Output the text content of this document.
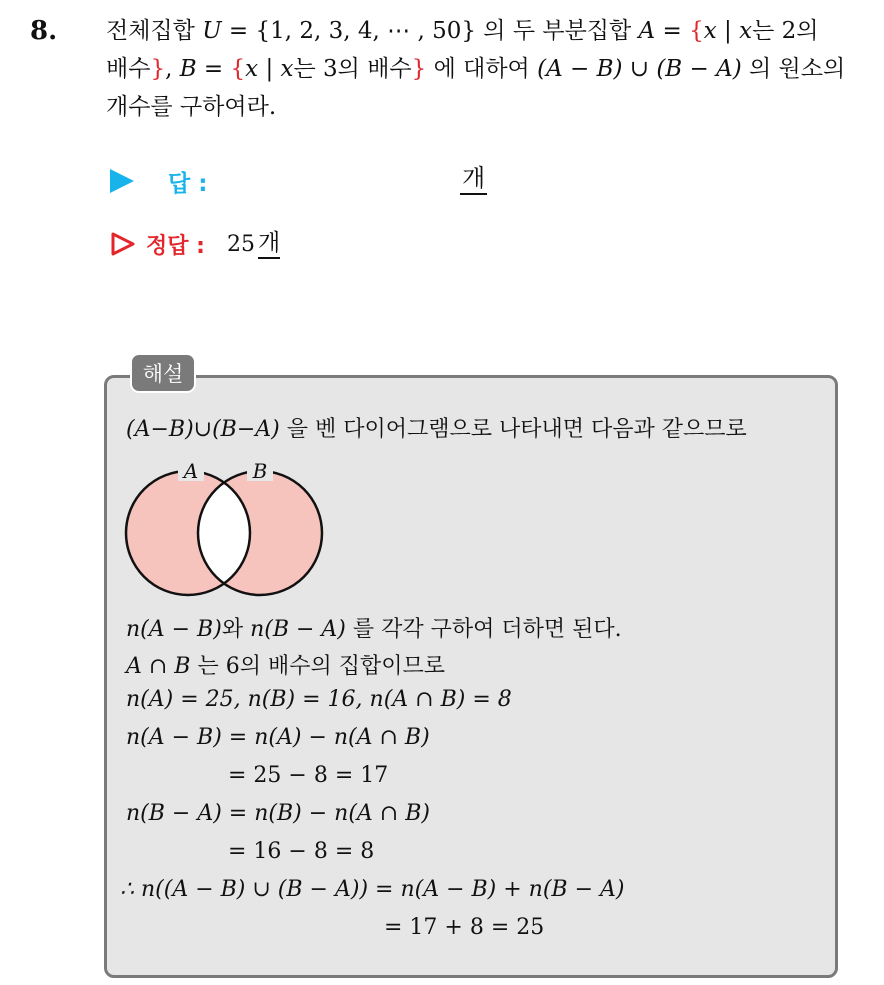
8. 전체집합 U = {1, 2, 3, 4, ⋯ , 50} 의 두 부분집합 A = {x | x는 2의
배수}, B = {x | x는 3의 배수} 에 대하여 (A − B) ∪ (B − A) 의 원소의
개수를 구하여라.
답 :	개
정답 : 25 개
해설
(A−B)∪(B−A) 을 벤 다이어그램으로 나타내면 다음과 같으므로
A	B
n(A − B)와 n(B − A) 를 각각 구하여 더하면 된다.
A ∩ B 는 6의 배수의 집합이므로
n(A) = 25, n(B) = 16, n(A ∩ B) = 8
n(A − B) = n(A) − n(A ∩ B)
= 25 − 8 = 17
n(B − A) = n(B) − n(A ∩ B)
= 16 − 8 = 8
∴ n((A − B) ∪ (B − A)) = n(A − B) + n(B − A)
= 17 + 8 = 25
